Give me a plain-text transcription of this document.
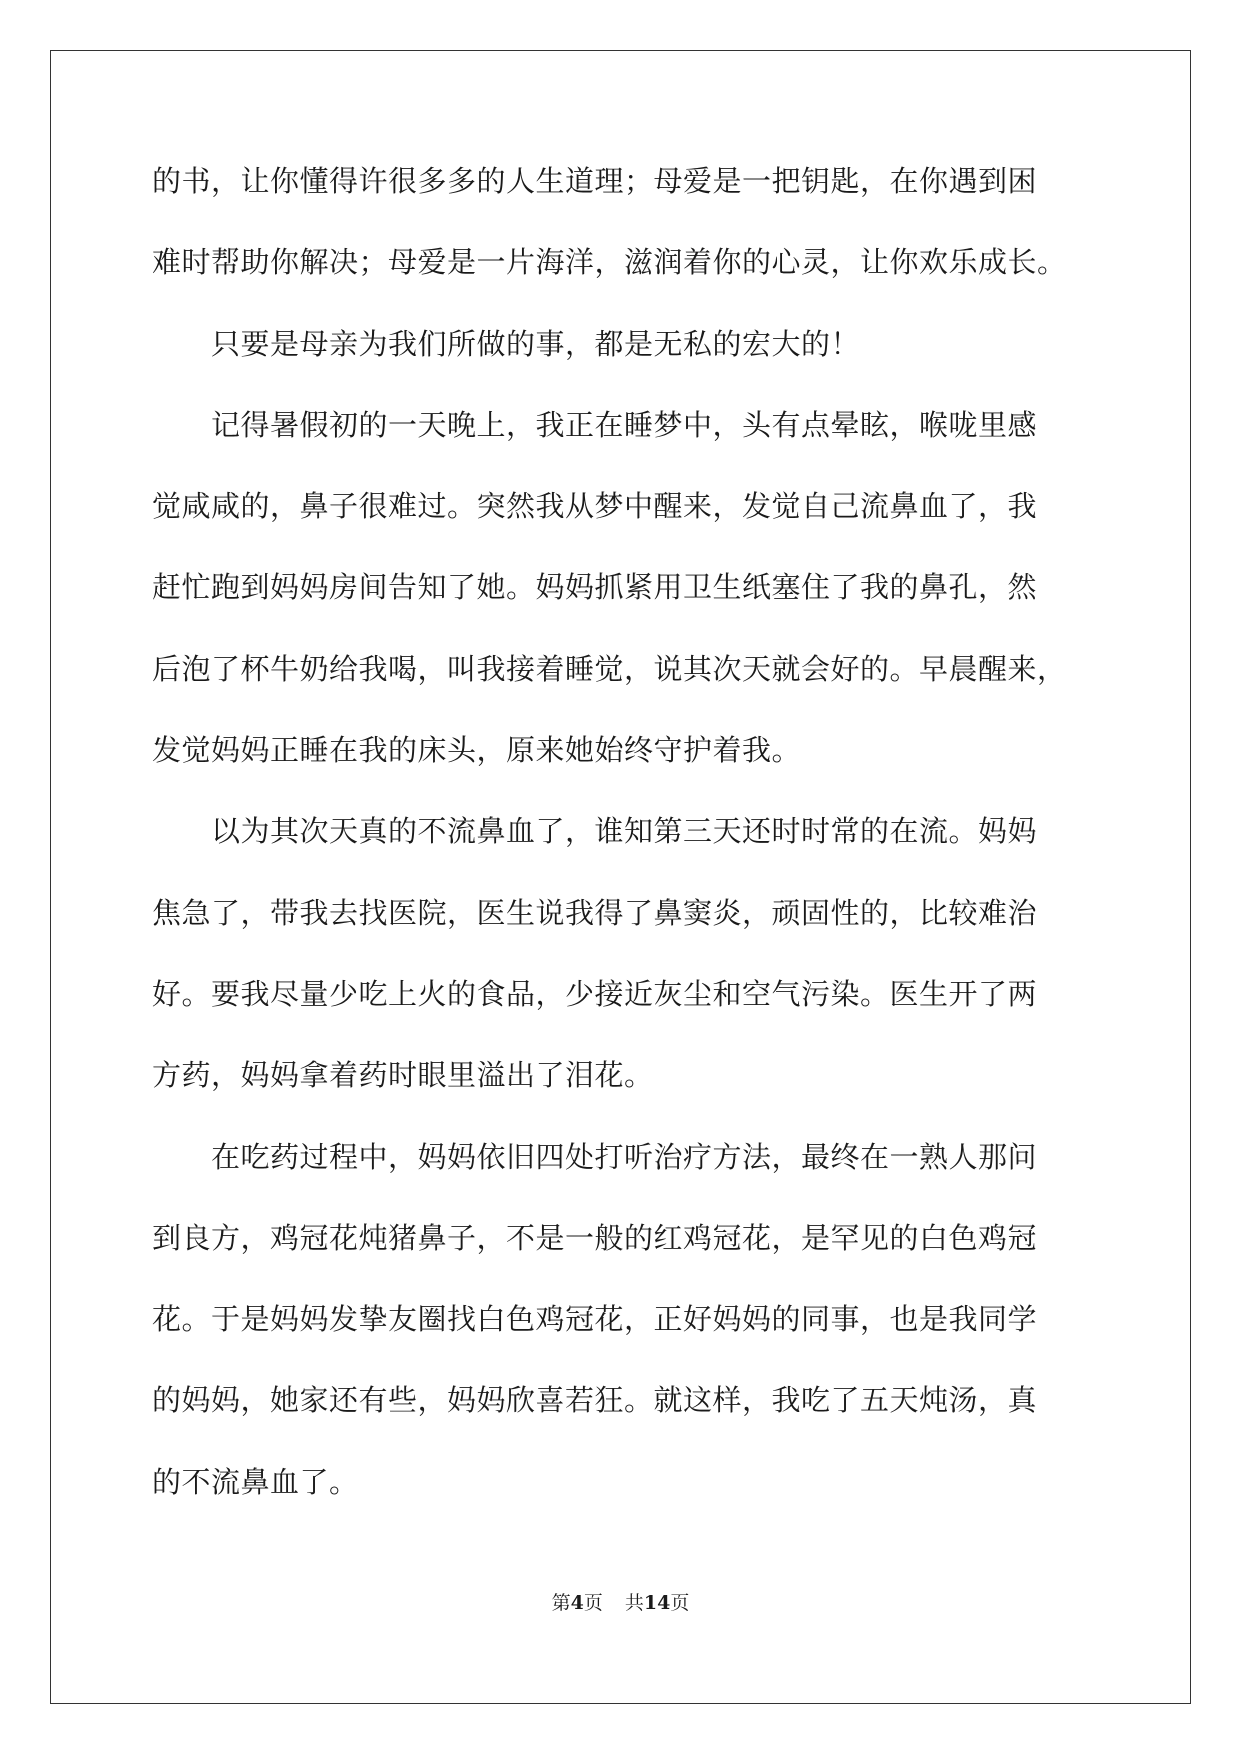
的书，让你懂得许很多多的人生道理；母爱是一把钥匙，在你遇到困
难时帮助你解决；母爱是一片海洋，滋润着你的心灵，让你欢乐成长。
　　只要是母亲为我们所做的事，都是无私的宏大的！
　　记得暑假初的一天晚上，我正在睡梦中，头有点晕眩，喉咙里感
觉咸咸的，鼻子很难过。突然我从梦中醒来，发觉自己流鼻血了，我
赶忙跑到妈妈房间告知了她。妈妈抓紧用卫生纸塞住了我的鼻孔，然
后泡了杯牛奶给我喝，叫我接着睡觉，说其次天就会好的。早晨醒来，
发觉妈妈正睡在我的床头，原来她始终守护着我。
　　以为其次天真的不流鼻血了，谁知第三天还时时常的在流。妈妈
焦急了，带我去找医院，医生说我得了鼻窦炎，顽固性的，比较难治
好。要我尽量少吃上火的食品，少接近灰尘和空气污染。医生开了两
方药，妈妈拿着药时眼里溢出了泪花。
　　在吃药过程中，妈妈依旧四处打听治疗方法，最终在一熟人那问
到良方，鸡冠花炖猪鼻子，不是一般的红鸡冠花，是罕见的白色鸡冠
花。于是妈妈发挚友圈找白色鸡冠花，正好妈妈的同事，也是我同学
的妈妈，她家还有些，妈妈欣喜若狂。就这样，我吃了五天炖汤，真
的不流鼻血了。
第4页 共14页
